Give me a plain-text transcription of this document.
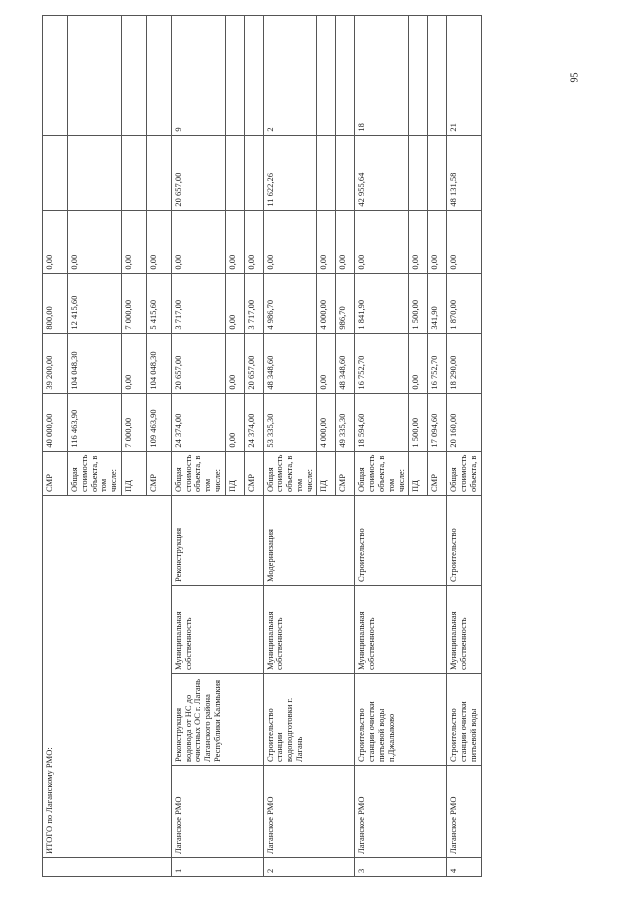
	ИТОГО по Лаганскому РМО:				СМР	40 000,00	39 200,00	800,00	0,00		
					Общая стоимость объекта, в том числе:	116 463,90	104 048,30	12 415,60	0,00		
					ПД	7 000,00	0,00	7 000,00	0,00		
					СМР	109 463,90	104 048,30	5 415,60	0,00		
1	Лаганское РМО	Реконструкция водовода от НС до очистных ОС г. Лагань Лаганского района Республики Калмыкия	Муниципальная собственность	Реконструкция	Общая стоимость объекта, в том числе:	24 374,00	20 657,00	3 717,00	0,00	20 657,00	9
					ПД	0,00	0,00	0,00	0,00		
					СМР	24 374,00	20 657,00	3 717,00	0,00		
2	Лаганское РМО	Строительство станции водоподготовки г. Лагань	Муниципальная собственность	Модернизация	Общая стоимость объекта, в том числе:	53 335,30	48 348,60	4 986,70	0,00	11 622,26	2
					ПД	4 000,00	0,00	4 000,00	0,00		
					СМР	49 335,30	48 348,60	986,70	0,00		
3	Лаганское РМО	Строительство станции очистки питьевой воды п.Джалыково	Муниципальная собственность	Строительство	Общая стоимость объекта, в том числе:	18 594,60	16 752,70	1 841,90	0,00	42 955,64	18
					ПД	1 500,00	0,00	1 500,00	0,00		
					СМР	17 094,60	16 752,70	341,90	0,00		
4	Лаганское РМО	Строительство станции очистки питьевой воды	Муниципальная собственность	Строительство	Общая стоимость объекта, в	20 160,00	18 290,00	1 870,00	0,00	48 131,58	21
95
